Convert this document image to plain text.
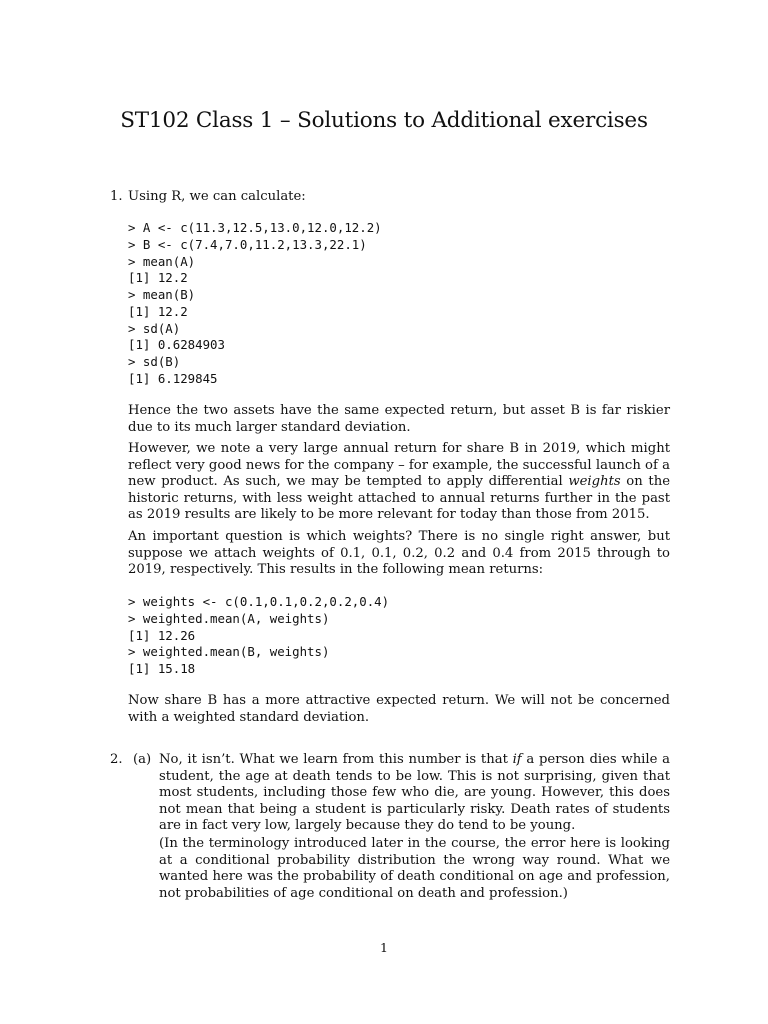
ST102 Class 1 – Solutions to Additional exercises
1. Using R, we can calculate:
> A <- c(11.3,12.5,13.0,12.0,12.2)
> B <- c(7.4,7.0,11.2,13.3,22.1)
> mean(A)
[1] 12.2
> mean(B)
[1] 12.2
> sd(A)
[1] 0.6284903
> sd(B)
[1] 6.129845
Hence the two assets have the same expected return, but asset B is far riskier due to its much larger standard deviation.
However, we note a very large annual return for share B in 2019, which might reflect very good news for the company – for example, the successful launch of a new product. As such, we may be tempted to apply differential weights on the historic returns, with less weight attached to annual returns further in the past as 2019 results are likely to be more relevant for today than those from 2015.
An important question is which weights? There is no single right answer, but suppose we attach weights of 0.1, 0.1, 0.2, 0.2 and 0.4 from 2015 through to 2019, respectively. This results in the following mean returns:
> weights <- c(0.1,0.1,0.2,0.2,0.4)
> weighted.mean(A, weights)
[1] 12.26
> weighted.mean(B, weights)
[1] 15.18
Now share B has a more attractive expected return. We will not be concerned with a weighted standard deviation.
2. (a) No, it isn’t. What we learn from this number is that if a person dies while a student, the age at death tends to be low. This is not surprising, given that most students, including those few who die, are young. However, this does not mean that being a student is particularly risky. Death rates of students are in fact very low, largely because they do tend to be young.
(In the terminology introduced later in the course, the error here is looking at a conditional probability distribution the wrong way round. What we wanted here was the probability of death conditional on age and profession, not probabilities of age conditional on death and profession.)
1
